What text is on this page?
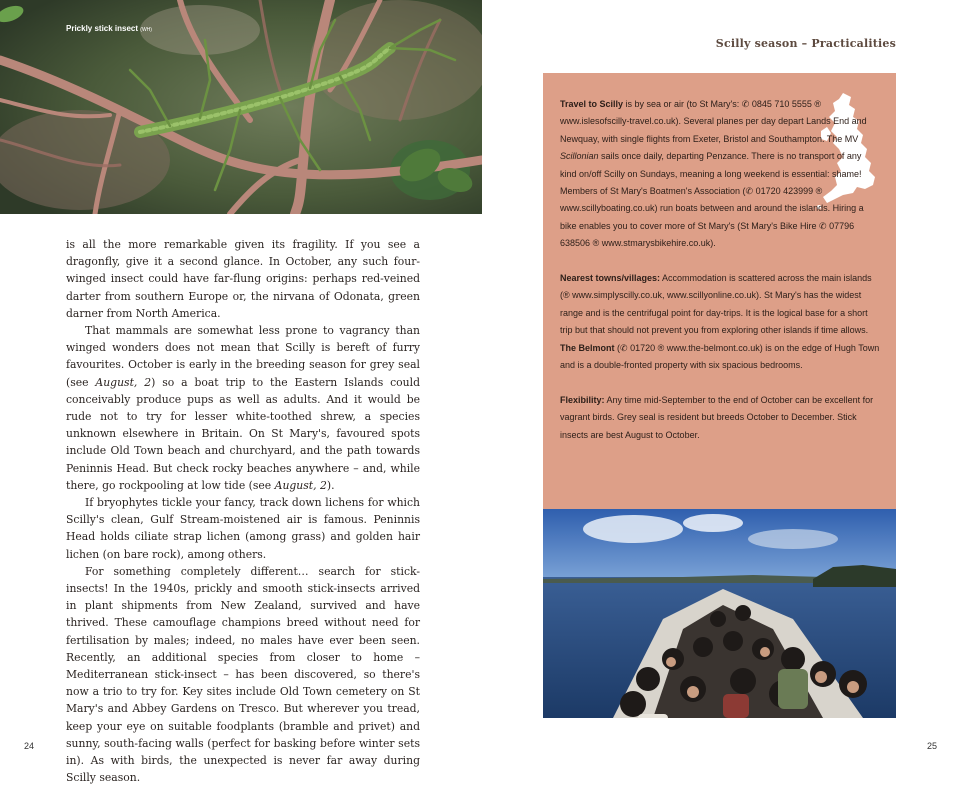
Prickly stick insect (WH)

is all the more remarkable given its fragility. If you see a dragonfly, give it a second glance. In October, any such four-winged insect could have far-flung origins: perhaps red-veined darter from southern Europe or, the nirvana of Odonata, green darner from North America.

That mammals are somewhat less prone to vagrancy than winged wonders does not mean that Scilly is bereft of furry favourites. October is early in the breeding season for grey seal (see August, 2) so a boat trip to the Eastern Islands could conceivably produce pups as well as adults. And it would be rude not to try for lesser white-toothed shrew, a species unknown elsewhere in Britain. On St Mary's, favoured spots include Old Town beach and churchyard, and the path towards Peninnis Head. But check rocky beaches anywhere – and, while there, go rockpooling at low tide (see August, 2).

If bryophytes tickle your fancy, track down lichens for which Scilly's clean, Gulf Stream-moistened air is famous. Peninnis Head holds ciliate strap lichen (among grass) and golden hair lichen (on bare rock), among others.

For something completely different… search for stick-insects! In the 1940s, prickly and smooth stick-insects arrived in plant shipments from New Zealand, survived and have thrived. These camouflage champions breed without need for fertilisation by males; indeed, no males have ever been seen. Recently, an additional species from closer to home – Mediterranean stick-insect – has been discovered, so there's now a trio to try for. Key sites include Old Town cemetery on St Mary's and Abbey Gardens on Tresco. But wherever you tread, keep your eye on suitable foodplants (bramble and privet) and sunny, south-facing walls (perfect for basking before winter sets in). As with birds, the unexpected is never far away during Scilly season.

24
Scilly season – Practicalities

Travel to Scilly is by sea or air (to St Mary's: ✆ 0845 710 5555 ® www.islesofscilly-travel.co.uk). Several planes per day depart Lands End and Newquay, with single flights from Exeter, Bristol and Southampton. The MV Scillonian sails once daily, departing Penzance. There is no transport of any kind on/off Scilly on Sundays, meaning a long weekend is essential: shame! Members of St Mary's Boatmen's Association (✆ 01720 423999 ® www.scillyboating.co.uk) run boats between and around the islands. Hiring a bike enables you to cover more of St Mary's (St Mary's Bike Hire ✆ 07796 638506 ® www.stmarysbikehire.co.uk).

Nearest towns/villages: Accommodation is scattered across the main islands (® www.simplyscilly.co.uk, www.scillyonline.co.uk). St Mary's has the widest range and is the centrifugal point for day-trips. It is the logical base for a short trip but that should not prevent you from exploring other islands if time allows. The Belmont (✆ 01720 ® www.the-belmont.co.uk) is on the edge of Hugh Town and is a double-fronted property with six spacious bedrooms.

Flexibility: Any time mid-September to the end of October can be excellent for vagrant birds. Grey seal is resident but breeds October to December. Stick insects are best August to October.

25
